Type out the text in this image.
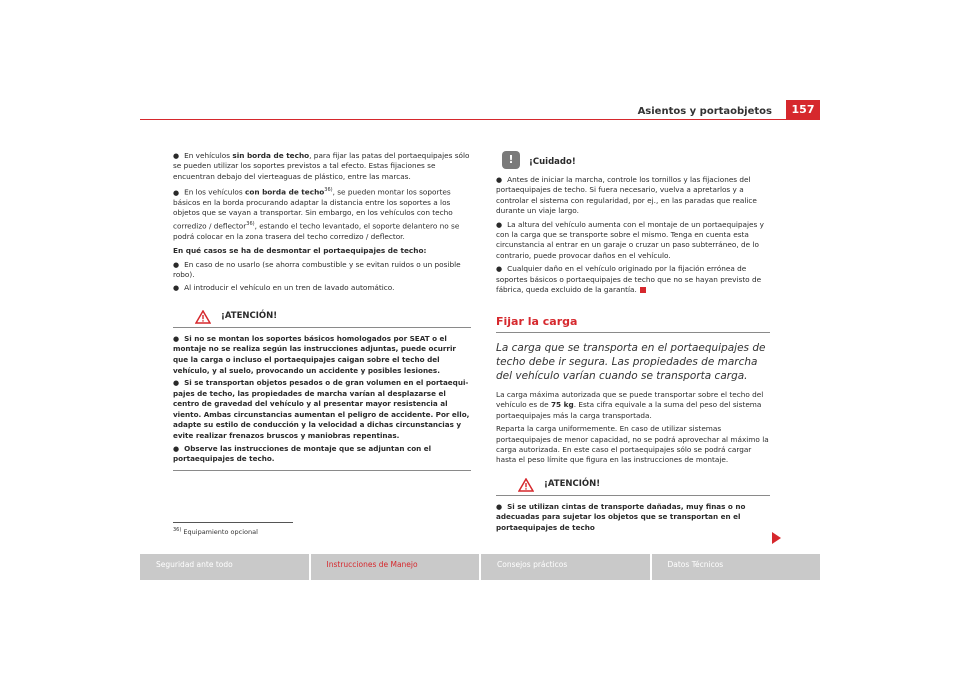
Asientos y portaobjetos	157
● En vehículos sin borda de techo, para fijar las patas del portaequipajes sólo se pueden utilizar los soportes previstos a tal efecto. Estas fijaciones se encuentran debajo del vierteaguas de plástico, entre las marcas.
● En los vehículos con borda de techo$^{36)}$, se pueden montar los soportes básicos en la borda procurando adaptar la distancia entre los soportes a los objetos que se vayan a transportar. Sin embargo, en los vehículos con techo corredizo / deflector$^{36)}$, estando el techo levantado, el soporte delantero no se podrá colocar en la zona trasera del techo corredizo / deflector.
En qué casos se ha de desmontar el portaequipajes de techo:
● En caso de no usarlo (se ahorra combustible y se evitan ruidos o un posible robo).
● Al introducir el vehículo en un tren de lavado automático.
¡ATENCIÓN!
● Si no se montan los soportes básicos homologados por SEAT o el montaje no se realiza según las instrucciones adjuntas, puede ocurrir que la carga o incluso el portaequipajes caigan sobre el techo del vehículo, y al suelo, provocando un accidente y posibles lesiones.
● Si se transportan objetos pesados o de gran volumen en el portaequipajes de techo, las propiedades de marcha varían al desplazarse el centro de gravedad del vehículo y al presentar mayor resistencia al viento. Ambas circunstancias aumentan el peligro de accidente. Por ello, adapte su estilo de conducción y la velocidad a dichas circunstancias y evite realizar frenazos bruscos y maniobras repentinas.
● Observe las instrucciones de montaje que se adjuntan con el portaequipajes de techo.
$^{36)}$ Equipamiento opcional
!	¡Cuidado!
● Antes de iniciar la marcha, controle los tornillos y las fijaciones del portaequipajes de techo. Si fuera necesario, vuelva a apretarlos y a controlar el sistema con regularidad, por ej., en las paradas que realice durante un viaje largo.
● La altura del vehículo aumenta con el montaje de un portaequipajes y con la carga que se transporte sobre el mismo. Tenga en cuenta esta circunstancia al entrar en un garaje o cruzar un paso subterráneo, de lo contrario, puede provocar daños en el vehículo.
● Cualquier daño en el vehículo originado por la fijación errónea de soportes básicos o portaequipajes de techo que no se hayan previsto de fábrica, queda excluido de la garantía.
Fijar la carga
La carga que se transporta en el portaequipajes de techo debe ir segura. Las propiedades de marcha del vehículo varían cuando se transporta carga.
La carga máxima autorizada que se puede transportar sobre el techo del vehículo es de 75 kg. Esta cifra equivale a la suma del peso del sistema portaequipajes más la carga transportada.
Reparta la carga uniformemente. En caso de utilizar sistemas portaequipajes de menor capacidad, no se podrá aprovechar al máximo la carga autorizada. En este caso el portaequipajes sólo se podrá cargar hasta el peso límite que figura en las instrucciones de montaje.
¡ATENCIÓN!
● Si se utilizan cintas de transporte dañadas, muy finas o no adecuadas para sujetar los objetos que se transportan en el portaequipajes de techo
Seguridad ante todo	Instrucciones de Manejo	Consejos prácticos	Datos Técnicos
